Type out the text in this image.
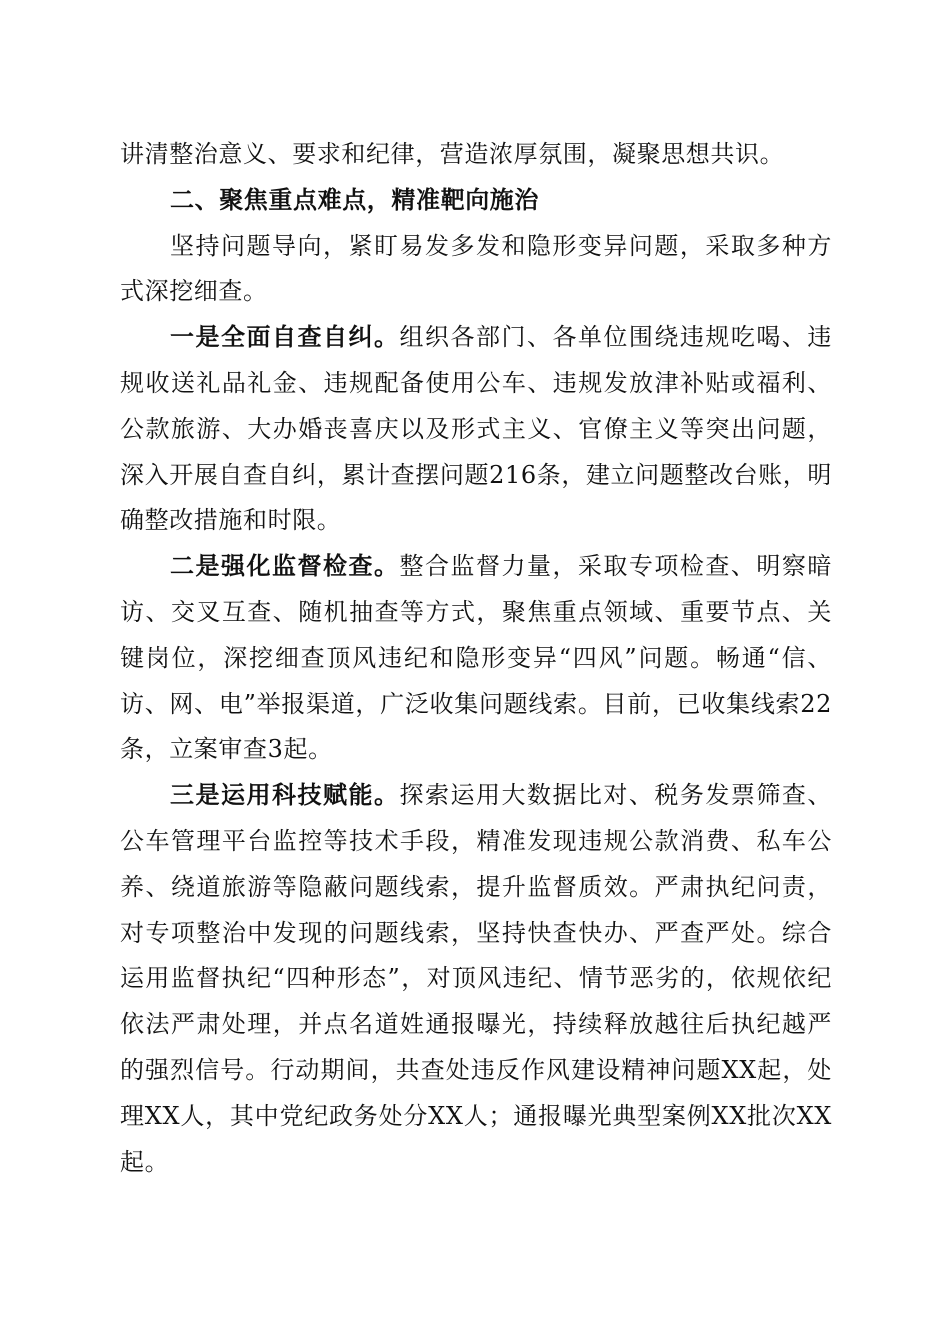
讲清整治意义、要求和纪律，营造浓厚氛围，凝聚思想共识。

二、聚焦重点难点，精准靶向施治

坚持问题导向，紧盯易发多发和隐形变异问题，采取多种方式深挖细查。

一是全面自查自纠。组织各部门、各单位围绕违规吃喝、违规收送礼品礼金、违规配备使用公车、违规发放津补贴或福利、公款旅游、大办婚丧喜庆以及形式主义、官僚主义等突出问题，深入开展自查自纠，累计查摆问题216条，建立问题整改台账，明确整改措施和时限。

二是强化监督检查。整合监督力量，采取专项检查、明察暗访、交叉互查、随机抽查等方式，聚焦重点领域、重要节点、关键岗位，深挖细查顶风违纪和隐形变异“四风”问题。畅通“信、访、网、电”举报渠道，广泛收集问题线索。目前，已收集线索22条，立案审查3起。

三是运用科技赋能。探索运用大数据比对、税务发票筛查、公车管理平台监控等技术手段，精准发现违规公款消费、私车公养、绕道旅游等隐蔽问题线索，提升监督质效。严肃执纪问责，对专项整治中发现的问题线索，坚持快查快办、严查严处。综合运用监督执纪“四种形态”，对顶风违纪、情节恶劣的，依规依纪依法严肃处理，并点名道姓通报曝光，持续释放越往后执纪越严的强烈信号。行动期间，共查处违反作风建设精神问题XX起，处理XX人，其中党纪政务处分XX人；通报曝光典型案例XX批次XX起。
